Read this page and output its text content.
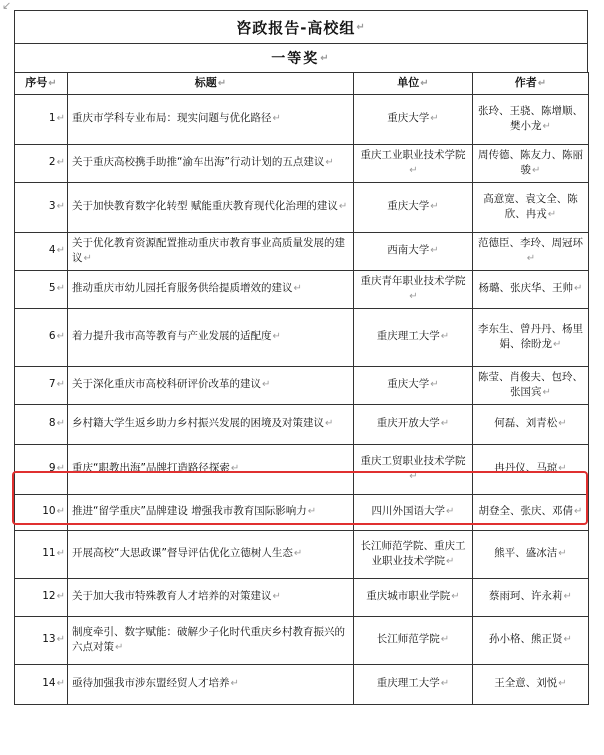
↙
咨政报告-高校组 ↵
一等奖 ↵
序号↵	标题↵	单位↵	作者↵
1↵	重庆市学科专业布局：现实问题与优化路径↵	重庆大学↵	张玲、王骁、陈增顺、樊小龙↵
2↵	关于重庆高校携手助推“渝车出海”行动计划的五点建议↵	重庆工业职业技术学院↵	周传德、陈友力、陈丽骏↵
3↵	关于加快教育数字化转型 赋能重庆教育现代化治理的建议↵	重庆大学↵	高意宽、袁文全、陈欣、冉戎↵
4↵	关于优化教育资源配置推动重庆市教育事业高质量发展的建议↵	西南大学↵	范德臣、李玲、周冠环↵
5↵	推动重庆市幼儿园托育服务供给提质增效的建议↵	重庆青年职业技术学院↵	杨璐、张庆华、王帅↵
6↵	着力提升我市高等教育与产业发展的适配度↵	重庆理工大学↵	李东生、曾丹丹、杨里娟、徐盼龙↵
7↵	关于深化重庆市高校科研评价改革的建议↵	重庆大学↵	陈莹、肖俊夫、包玲、张国宾↵
8↵	乡村籍大学生返乡助力乡村振兴发展的困境及对策建议↵	重庆开放大学↵	何磊、刘青松↵
9↵	重庆“职教出海”品牌打造路径探索↵	重庆工贸职业技术学院↵	冉丹仪、马琼↵
10↵	推进“留学重庆”品牌建设 增强我市教育国际影响力↵	四川外国语大学↵	胡登全、张庆、邓倩↵
11↵	开展高校“大思政课”督导评估优化立德树人生态↵	长江师范学院、重庆工业职业技术学院↵	熊平、盛冰洁↵
12↵	关于加大我市特殊教育人才培养的对策建议↵	重庆城市职业学院↵	蔡雨珂、许永莉↵
13↵	制度牵引、数字赋能：破解少子化时代重庆乡村教育振兴的六点对策↵	长江师范学院↵	孙小格、熊正贤↵
14↵	亟待加强我市涉东盟经贸人才培养↵	重庆理工大学↵	王全意、刘悦↵
